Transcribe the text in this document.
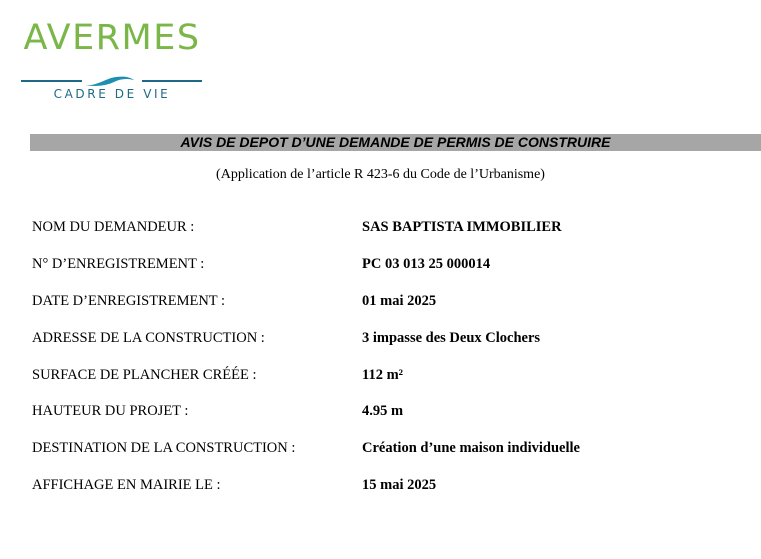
AVERMES
CADRE DE VIE
AVIS DE DEPOT D’UNE DEMANDE DE PERMIS DE CONSTRUIRE
(Application de l’article R 423-6 du Code de l’Urbanisme)
NOM DU DEMANDEUR :	SAS BAPTISTA IMMOBILIER
N° D’ENREGISTREMENT :	PC 03 013 25 000014
DATE D’ENREGISTREMENT :	01 mai 2025
ADRESSE DE LA CONSTRUCTION :	3 impasse des Deux Clochers
SURFACE DE PLANCHER CRÉÉE :	112 m²
HAUTEUR DU PROJET :	4.95 m
DESTINATION DE LA CONSTRUCTION :	Création d’une maison individuelle
AFFICHAGE EN MAIRIE LE :	15 mai 2025
